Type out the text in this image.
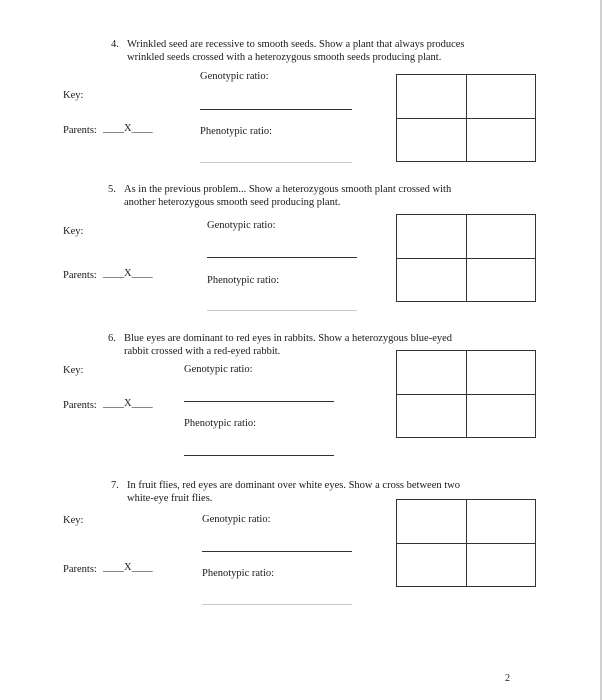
4. Wrinkled seed are recessive to smooth seeds. Show a plant that always produces
wrinkled seeds crossed with a heterozygous smooth seeds producing plant.
Genotypic ratio:
Key:
Parents: ____X____	Phenotypic ratio:
5. As in the previous problem... Show a heterozygous smooth plant crossed with
another heterozygous smooth seed producing plant.
Genotypic ratio:
Key:
Parents: ____X____
Phenotypic ratio:
6. Blue eyes are dominant to red eyes in rabbits. Show a heterozygous blue-eyed
rabbit crossed with a red-eyed rabbit.
Key:	Genotypic ratio:
Parents: ____X____
Phenotypic ratio:
7. In fruit flies, red eyes are dominant over white eyes. Show a cross between two
white-eye fruit flies.
Genotypic ratio:
Key:
Parents: ____X____
Phenotypic ratio:
2
